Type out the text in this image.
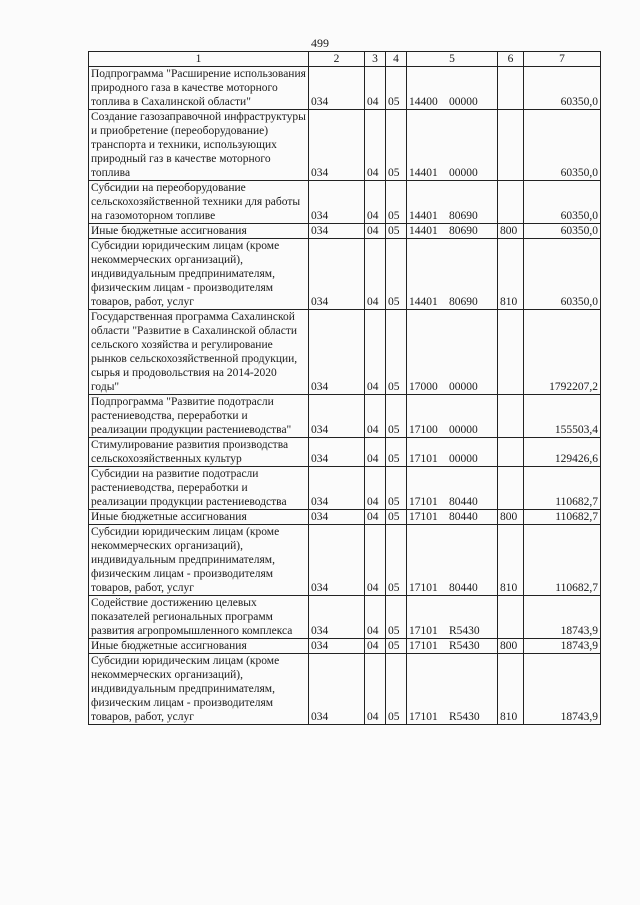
499
1	2	3	4	5	6	7
Подпрограмма "Расширение использования природного газа в качестве моторного топлива в Сахалинской области"	034	04	05	14400 00000		60350,0
Создание газозаправочной инфраструктуры и приобретение (переоборудование) транспорта и техники, использующих природный газ в качестве моторного топлива	034	04	05	14401 00000		60350,0
Субсидии на переоборудование сельскохозяйственной техники для работы на газомоторном топливе	034	04	05	14401 80690		60350,0
Иные бюджетные ассигнования	034	04	05	14401 80690	800	60350,0
Субсидии юридическим лицам (кроме некоммерческих организаций), индивидуальным предпринимателям, физическим лицам - производителям товаров, работ, услуг	034	04	05	14401 80690	810	60350,0
Государственная программа Сахалинской области "Развитие в Сахалинской области сельского хозяйства и регулирование рынков сельскохозяйственной продукции, сырья и продовольствия на 2014-2020 годы"	034	04	05	17000 00000		1792207,2
Подпрограмма "Развитие подотрасли растениеводства, переработки и реализации продукции растениеводства"	034	04	05	17100 00000		155503,4
Стимулирование развития производства сельскохозяйственных культур	034	04	05	17101 00000		129426,6
Субсидии на развитие подотрасли растениеводства, переработки и реализации продукции растениеводства	034	04	05	17101 80440		110682,7
Иные бюджетные ассигнования	034	04	05	17101 80440	800	110682,7
Субсидии юридическим лицам (кроме некоммерческих организаций), индивидуальным предпринимателям, физическим лицам - производителям товаров, работ, услуг	034	04	05	17101 80440	810	110682,7
Содействие достижению целевых показателей региональных программ развития агропромышленного комплекса	034	04	05	17101 R5430		18743,9
Иные бюджетные ассигнования	034	04	05	17101 R5430	800	18743,9
Субсидии юридическим лицам (кроме некоммерческих организаций), индивидуальным предпринимателям, физическим лицам - производителям товаров, работ, услуг	034	04	05	17101 R5430	810	18743,9
